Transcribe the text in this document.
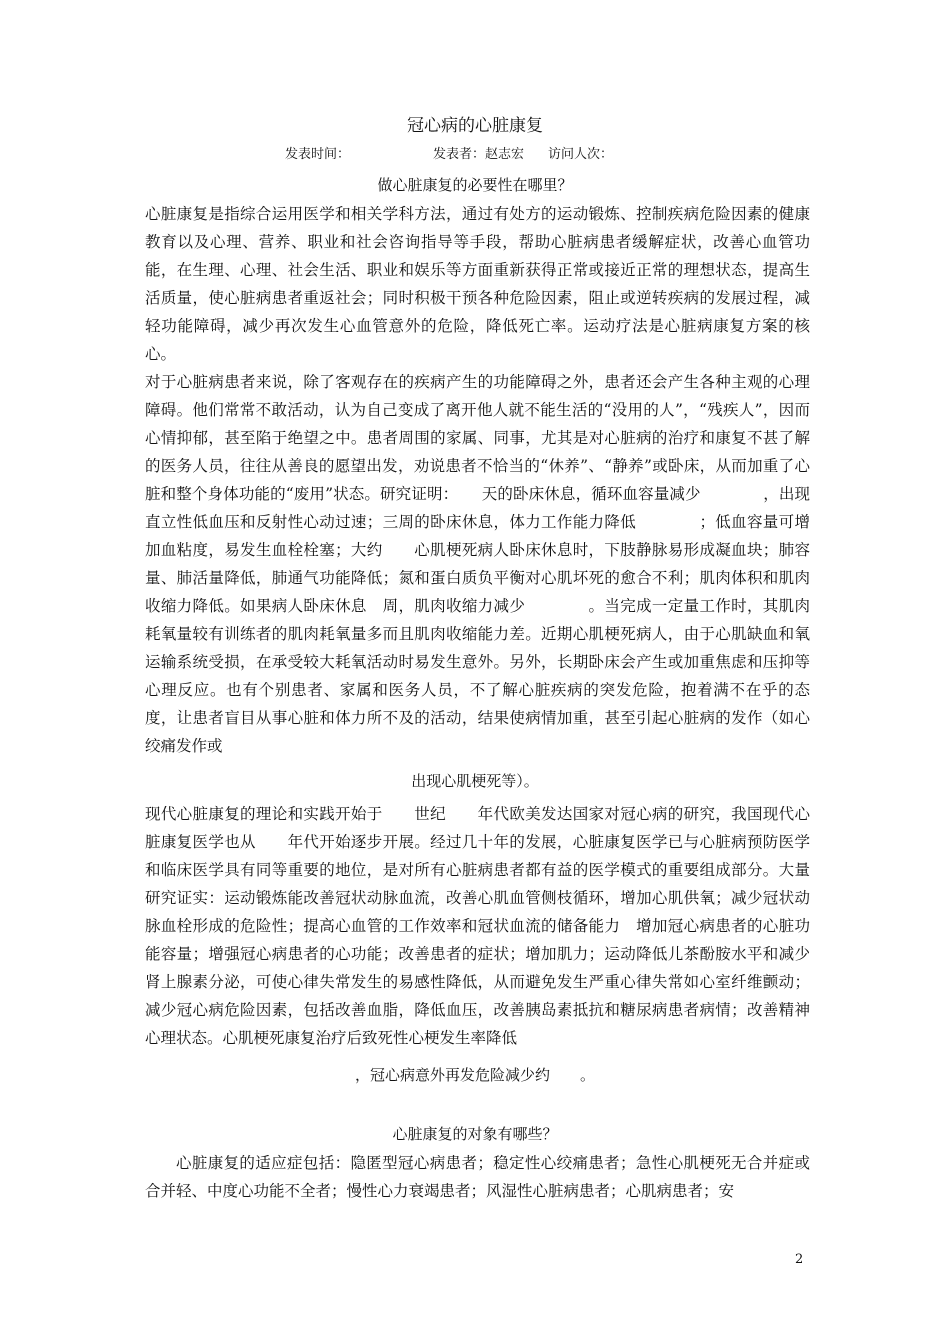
冠心病的心脏康复
发表时间：	发表者：赵志宏 访问人次：
做心脏康复的必要性在哪里？

心脏康复是指综合运用医学和相关学科方法，通过有处方的运动锻炼、控制疾病危险因素的健康教育以及心理、营养、职业和社会咨询指导等手段，帮助心脏病患者缓解症状，改善心血管功能，在生理、心理、社会生活、职业和娱乐等方面重新获得正常或接近正常的理想状态，提高生活质量，使心脏病患者重返社会；同时积极干预各种危险因素，阻止或逆转疾病的发展过程，减轻功能障碍，减少再次发生心血管意外的危险，降低死亡率。运动疗法是心脏病康复方案的核心。

对于心脏病患者来说，除了客观存在的疾病产生的功能障碍之外，患者还会产生各种主观的心理障碍。他们常常不敢活动，认为自己变成了离开他人就不能生活的“没用的人”，“残疾人”，因而心情抑郁，甚至陷于绝望之中。患者周围的家属、同事，尤其是对心脏病的治疗和康复不甚了解的医务人员，往往从善良的愿望出发，劝说患者不恰当的“休养”、“静养”或卧床，从而加重了心脏和整个身体功能的“废用”状态。研究证明：　　天的卧床休息，循环血容量减少　　　　，出现直立性低血压和反射性心动过速；三周的卧床休息，体力工作能力降低　　　　；低血容量可增加血粘度，易发生血栓栓塞；大约　　心肌梗死病人卧床休息时，下肢静脉易形成凝血块；肺容量、肺活量降低，肺通气功能降低；氮和蛋白质负平衡对心肌坏死的愈合不利；肌肉体积和肌肉收缩力降低。如果病人卧床休息　周，肌肉收缩力减少　　　　。当完成一定量工作时，其肌肉耗氧量较有训练者的肌肉耗氧量多而且肌肉收缩能力差。近期心肌梗死病人，由于心肌缺血和氧运输系统受损，在承受较大耗氧活动时易发生意外。另外，长期卧床会产生或加重焦虑和压抑等心理反应。也有个别患者、家属和医务人员，不了解心脏疾病的突发危险，抱着满不在乎的态度，让患者盲目从事心脏和体力所不及的活动，结果使病情加重，甚至引起心脏病的发作（如心绞痛发作或

出现心肌梗死等）。

现代心脏康复的理论和实践开始于　　世纪　　年代欧美发达国家对冠心病的研究，我国现代心脏康复医学也从　　年代开始逐步开展。经过几十年的发展，心脏康复医学已与心脏病预防医学和临床医学具有同等重要的地位，是对所有心脏病患者都有益的医学模式的重要组成部分。大量研究证实：运动锻炼能改善冠状动脉血流，改善心肌血管侧枝循环，增加心肌供氧；减少冠状动脉血栓形成的危险性；提高心血管的工作效率和冠状血流的储备能力　增加冠心病患者的心脏功能容量；增强冠心病患者的心功能；改善患者的症状；增加肌力；运动降低儿茶酚胺水平和减少肾上腺素分泌，可使心律失常发生的易感性降低，从而避免发生严重心律失常如心室纤维颤动；减少冠心病危险因素，包括改善血脂，降低血压，改善胰岛素抵抗和糖尿病患者病情；改善精神心理状态。心肌梗死康复治疗后致死性心梗发生率降低

，冠心病意外再发危险减少约　　。
心脏康复的对象有哪些？

心脏康复的适应症包括：隐匿型冠心病患者；稳定性心绞痛患者；急性心肌梗死无合并症或合并轻、中度心功能不全者；慢性心力衰竭患者；风湿性心脏病患者；心肌病患者；安

2
